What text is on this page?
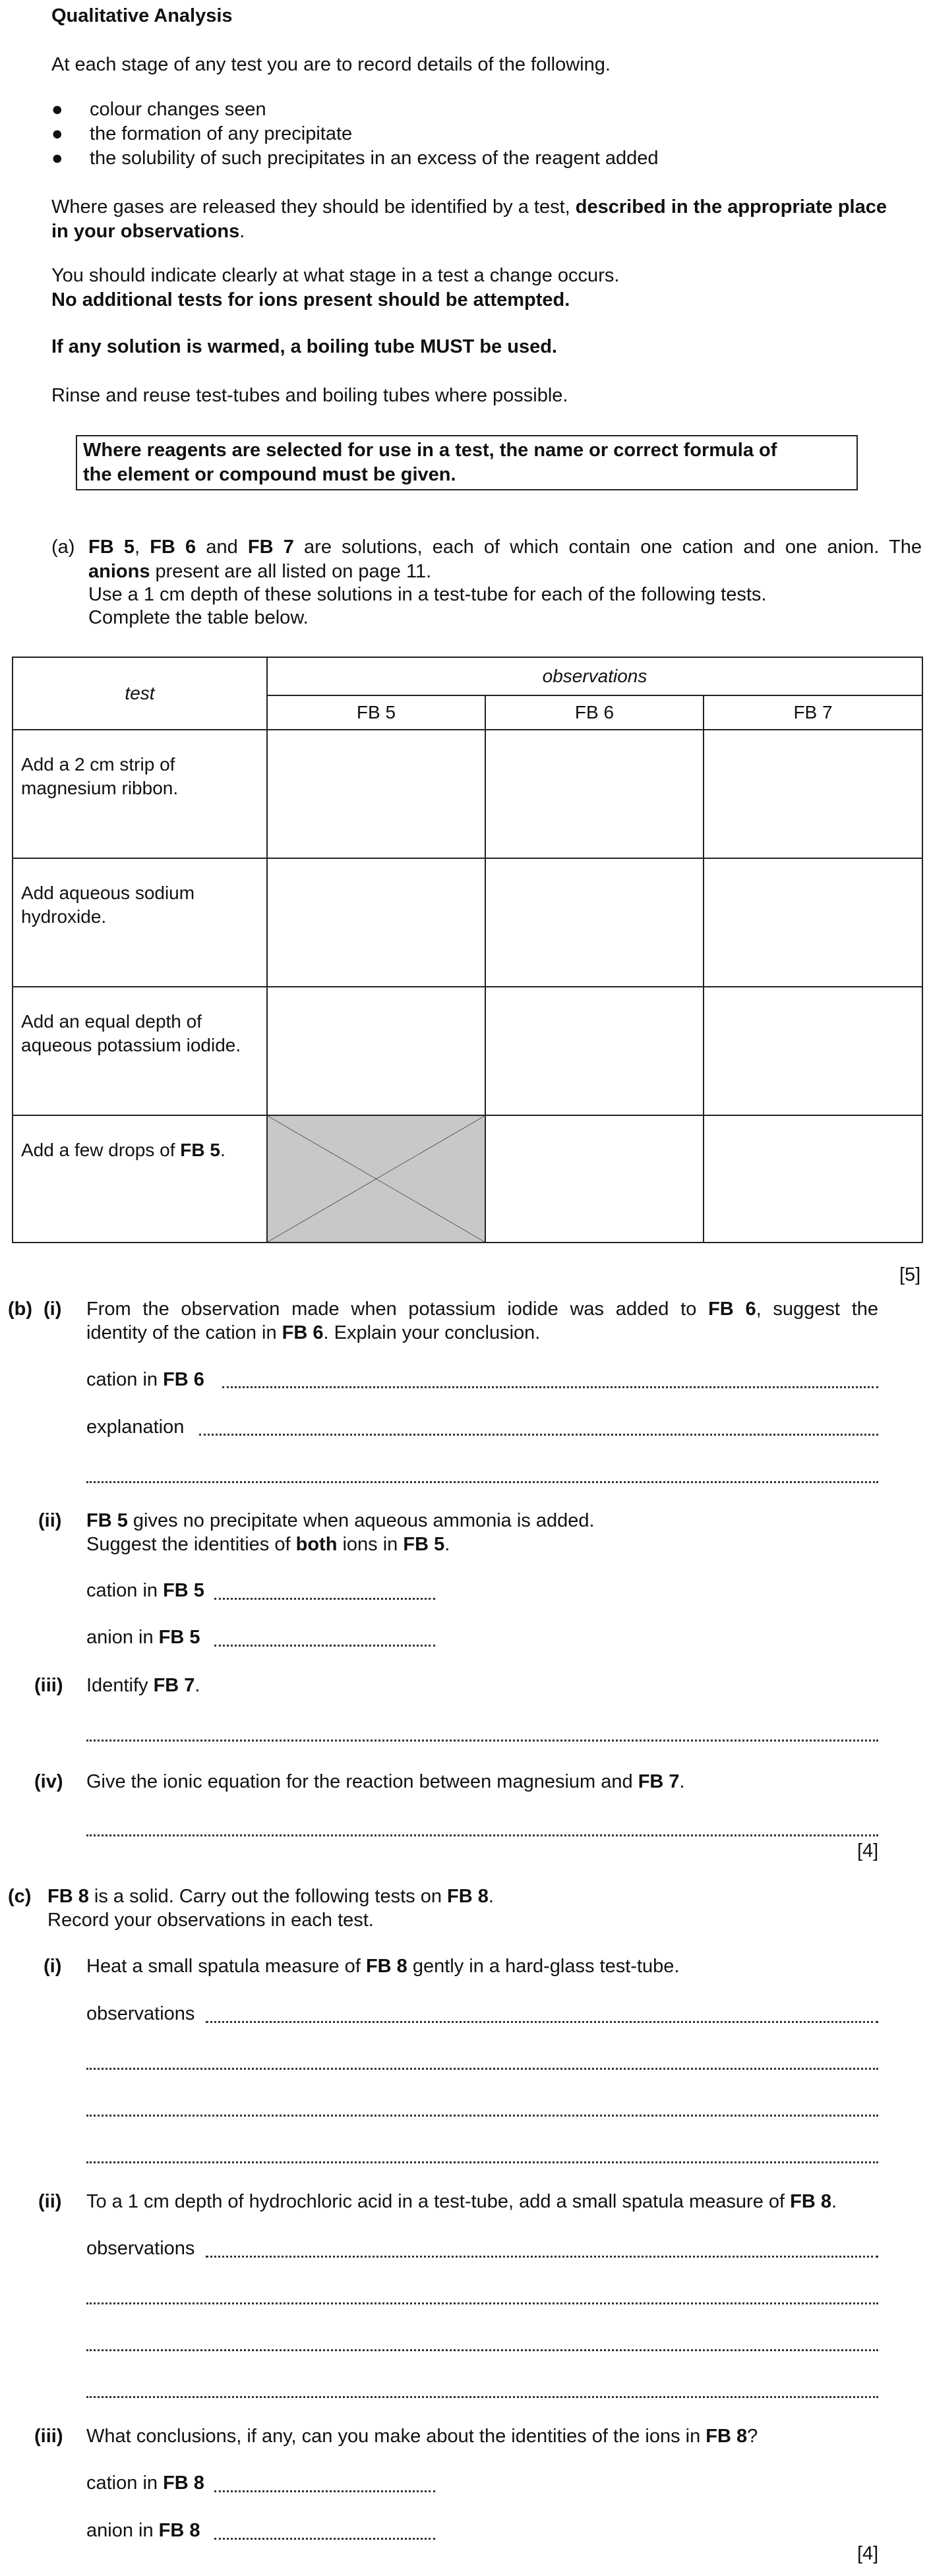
Qualitative Analysis
At each stage of any test you are to record details of the following.
● colour changes seen
● the formation of any precipitate
● the solubility of such precipitates in an excess of the reagent added
Where gases are released they should be identified by a test, described in the appropriate place
in your observations.
You should indicate clearly at what stage in a test a change occurs.
No additional tests for ions present should be attempted.
If any solution is warmed, a boiling tube MUST be used.
Rinse and reuse test-tubes and boiling tubes where possible.
Where reagents are selected for use in a test, the name or correct formula of
the element or compound must be given.
(a) FB 5, FB 6 and FB 7 are solutions, each of which contain one cation and one anion. The
anions present are all listed on page 11.
Use a 1 cm depth of these solutions in a test-tube for each of the following tests.
Complete the table below.
test	observations		
	FB 5	FB 6	FB 7
Add a 2 cm strip of
magnesium ribbon.			
Add aqueous sodium
hydroxide.			
Add an equal depth of
aqueous potassium iodide.			
Add a few drops of FB 5.	

[5]
(b) (i) From the observation made when potassium iodide was added to FB 6, suggest the
identity of the cation in FB 6. Explain your conclusion.
cation in FB 6
explanation
(ii) FB 5 gives no precipitate when aqueous ammonia is added.
Suggest the identities of both ions in FB 5.
cation in FB 5
anion in FB 5
(iii) Identify FB 7.
(iv) Give the ionic equation for the reaction between magnesium and FB 7.
[4]
(c) FB 8 is a solid. Carry out the following tests on FB 8.
Record your observations in each test.
(i) Heat a small spatula measure of FB 8 gently in a hard-glass test-tube.
observations
(ii) To a 1 cm depth of hydrochloric acid in a test-tube, add a small spatula measure of FB 8.
observations
(iii) What conclusions, if any, can you make about the identities of the ions in FB 8?
cation in FB 8
anion in FB 8
[4]
